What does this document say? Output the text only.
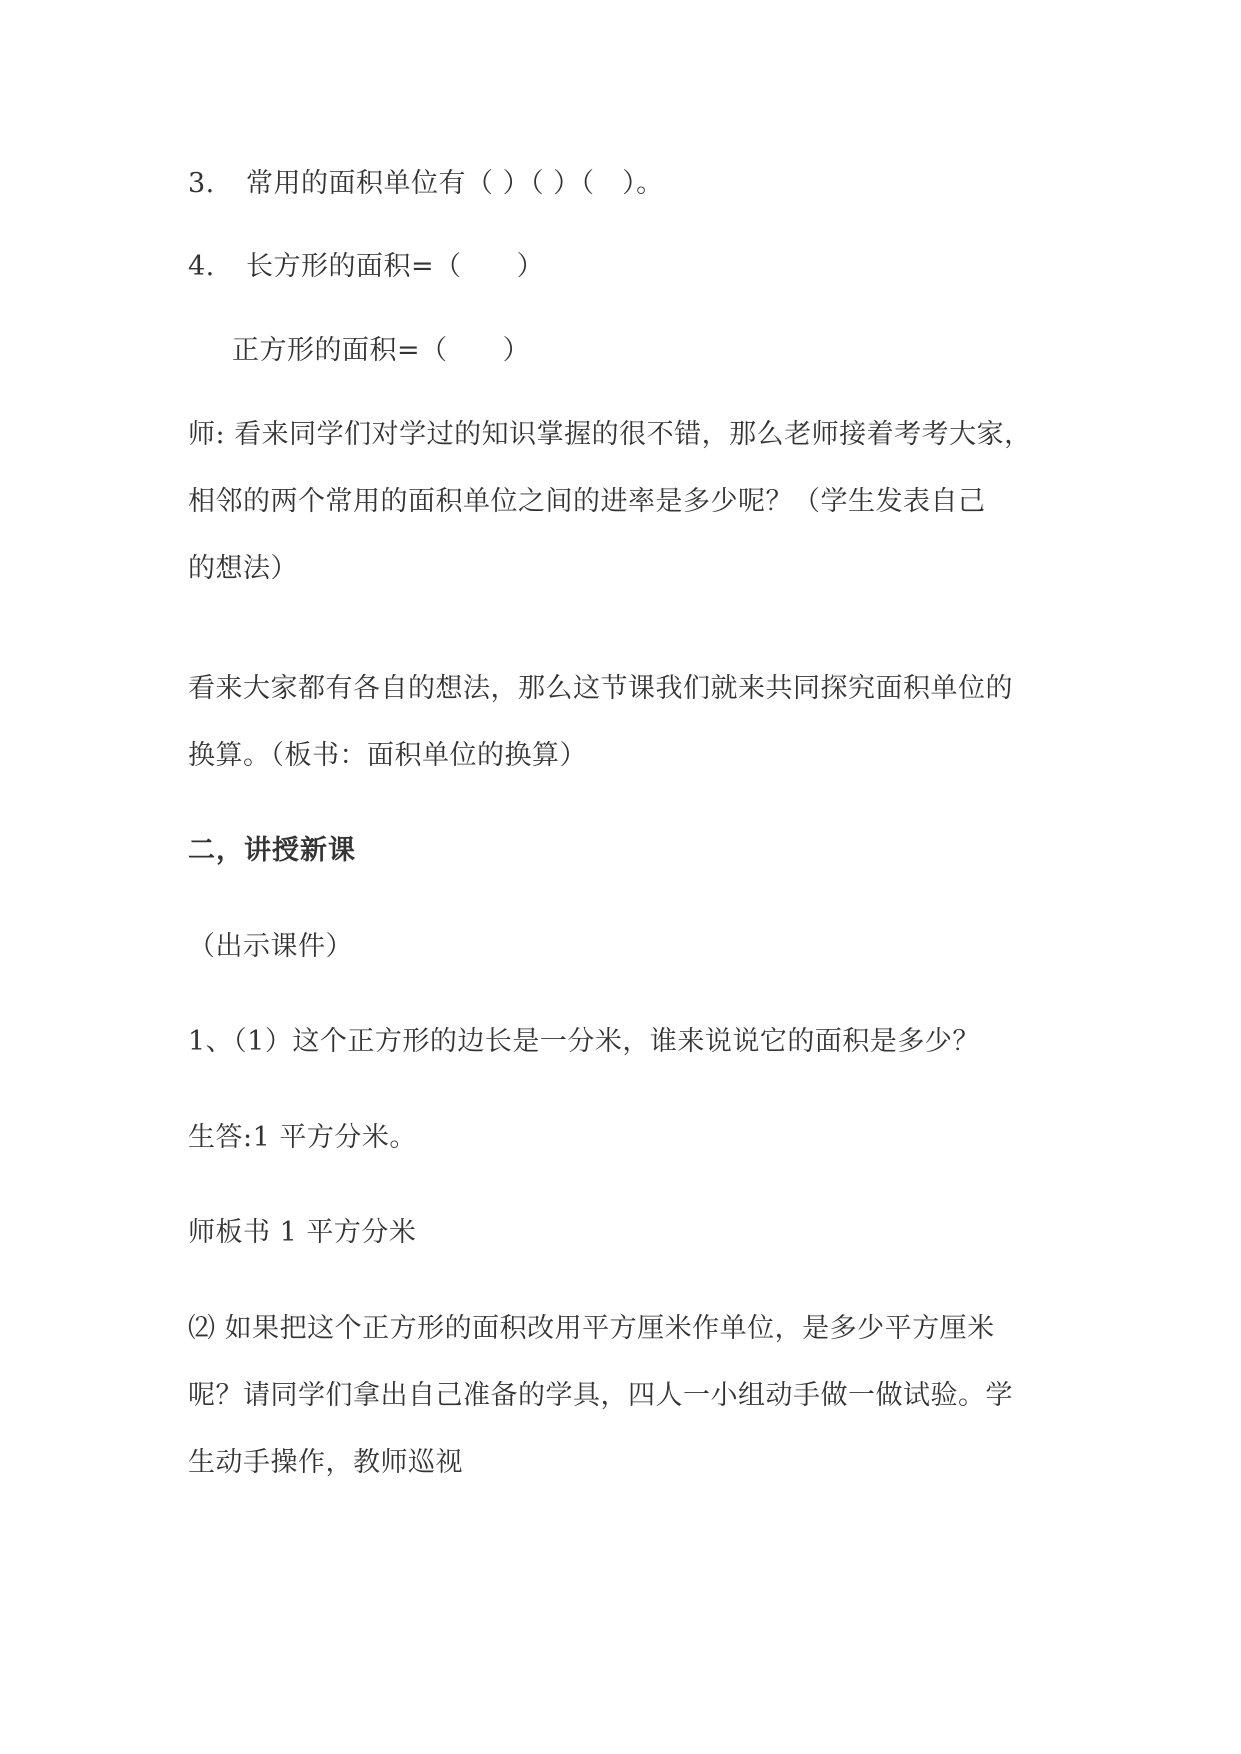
3. 常用的面积单位有（ ）（ ）（　）。
4. 长方形的面积=（　　）
正方形的面积=（　　）
师: 看来同学们对学过的知识掌握的很不错，那么老师接着考考大家，
相邻的两个常用的面积单位之间的进率是多少呢？（学生发表自己
的想法）
看来大家都有各自的想法，那么这节课我们就来共同探究面积单位的
换算。（板书：面积单位的换算）
二，讲授新课
（出示课件）
1、（1）这个正方形的边长是一分米，谁来说说它的面积是多少？
生答:1 平方分米。
师板书 1 平方分米
⑵ 如果把这个正方形的面积改用平方厘米作单位，是多少平方厘米
呢？请同学们拿出自己准备的学具，四人一小组动手做一做试验。学
生动手操作，教师巡视
